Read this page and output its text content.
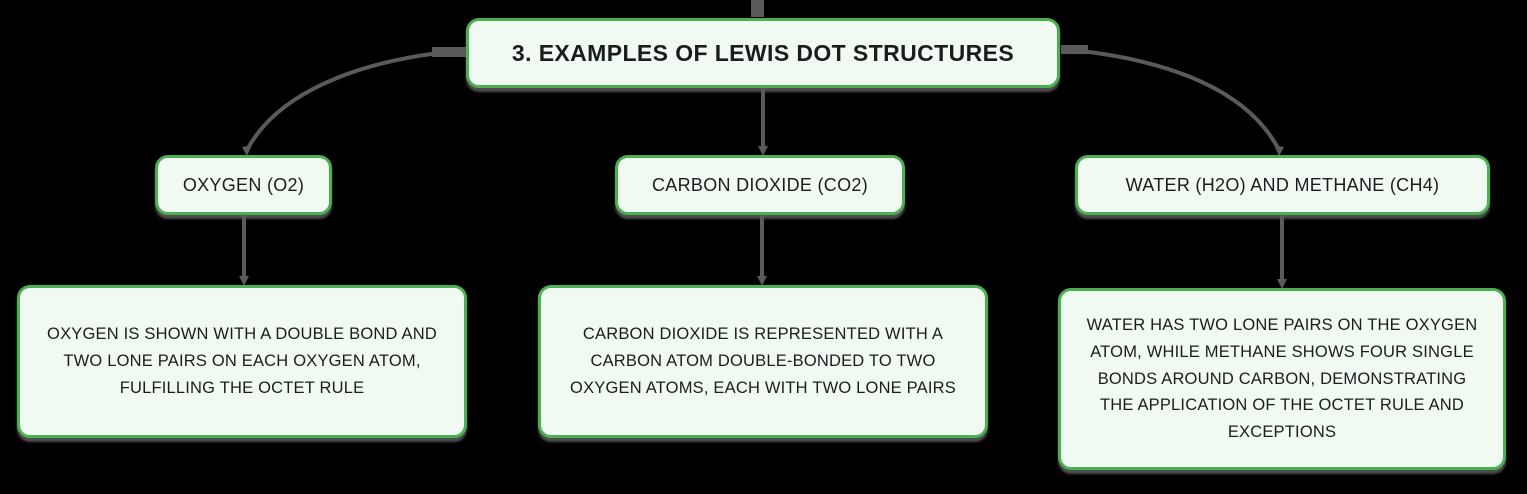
3. EXAMPLES OF LEWIS DOT STRUCTURES
OXYGEN (O2)	CARBON DIOXIDE (CO2)	WATER (H2O) AND METHANE (CH4)
OXYGEN IS SHOWN WITH A DOUBLE BOND AND TWO LONE PAIRS ON EACH OXYGEN ATOM, FULFILLING THE OCTET RULE
CARBON DIOXIDE IS REPRESENTED WITH A CARBON ATOM DOUBLE-BONDED TO TWO OXYGEN ATOMS, EACH WITH TWO LONE PAIRS
WATER HAS TWO LONE PAIRS ON THE OXYGEN ATOM, WHILE METHANE SHOWS FOUR SINGLE BONDS AROUND CARBON, DEMONSTRATING THE APPLICATION OF THE OCTET RULE AND EXCEPTIONS
